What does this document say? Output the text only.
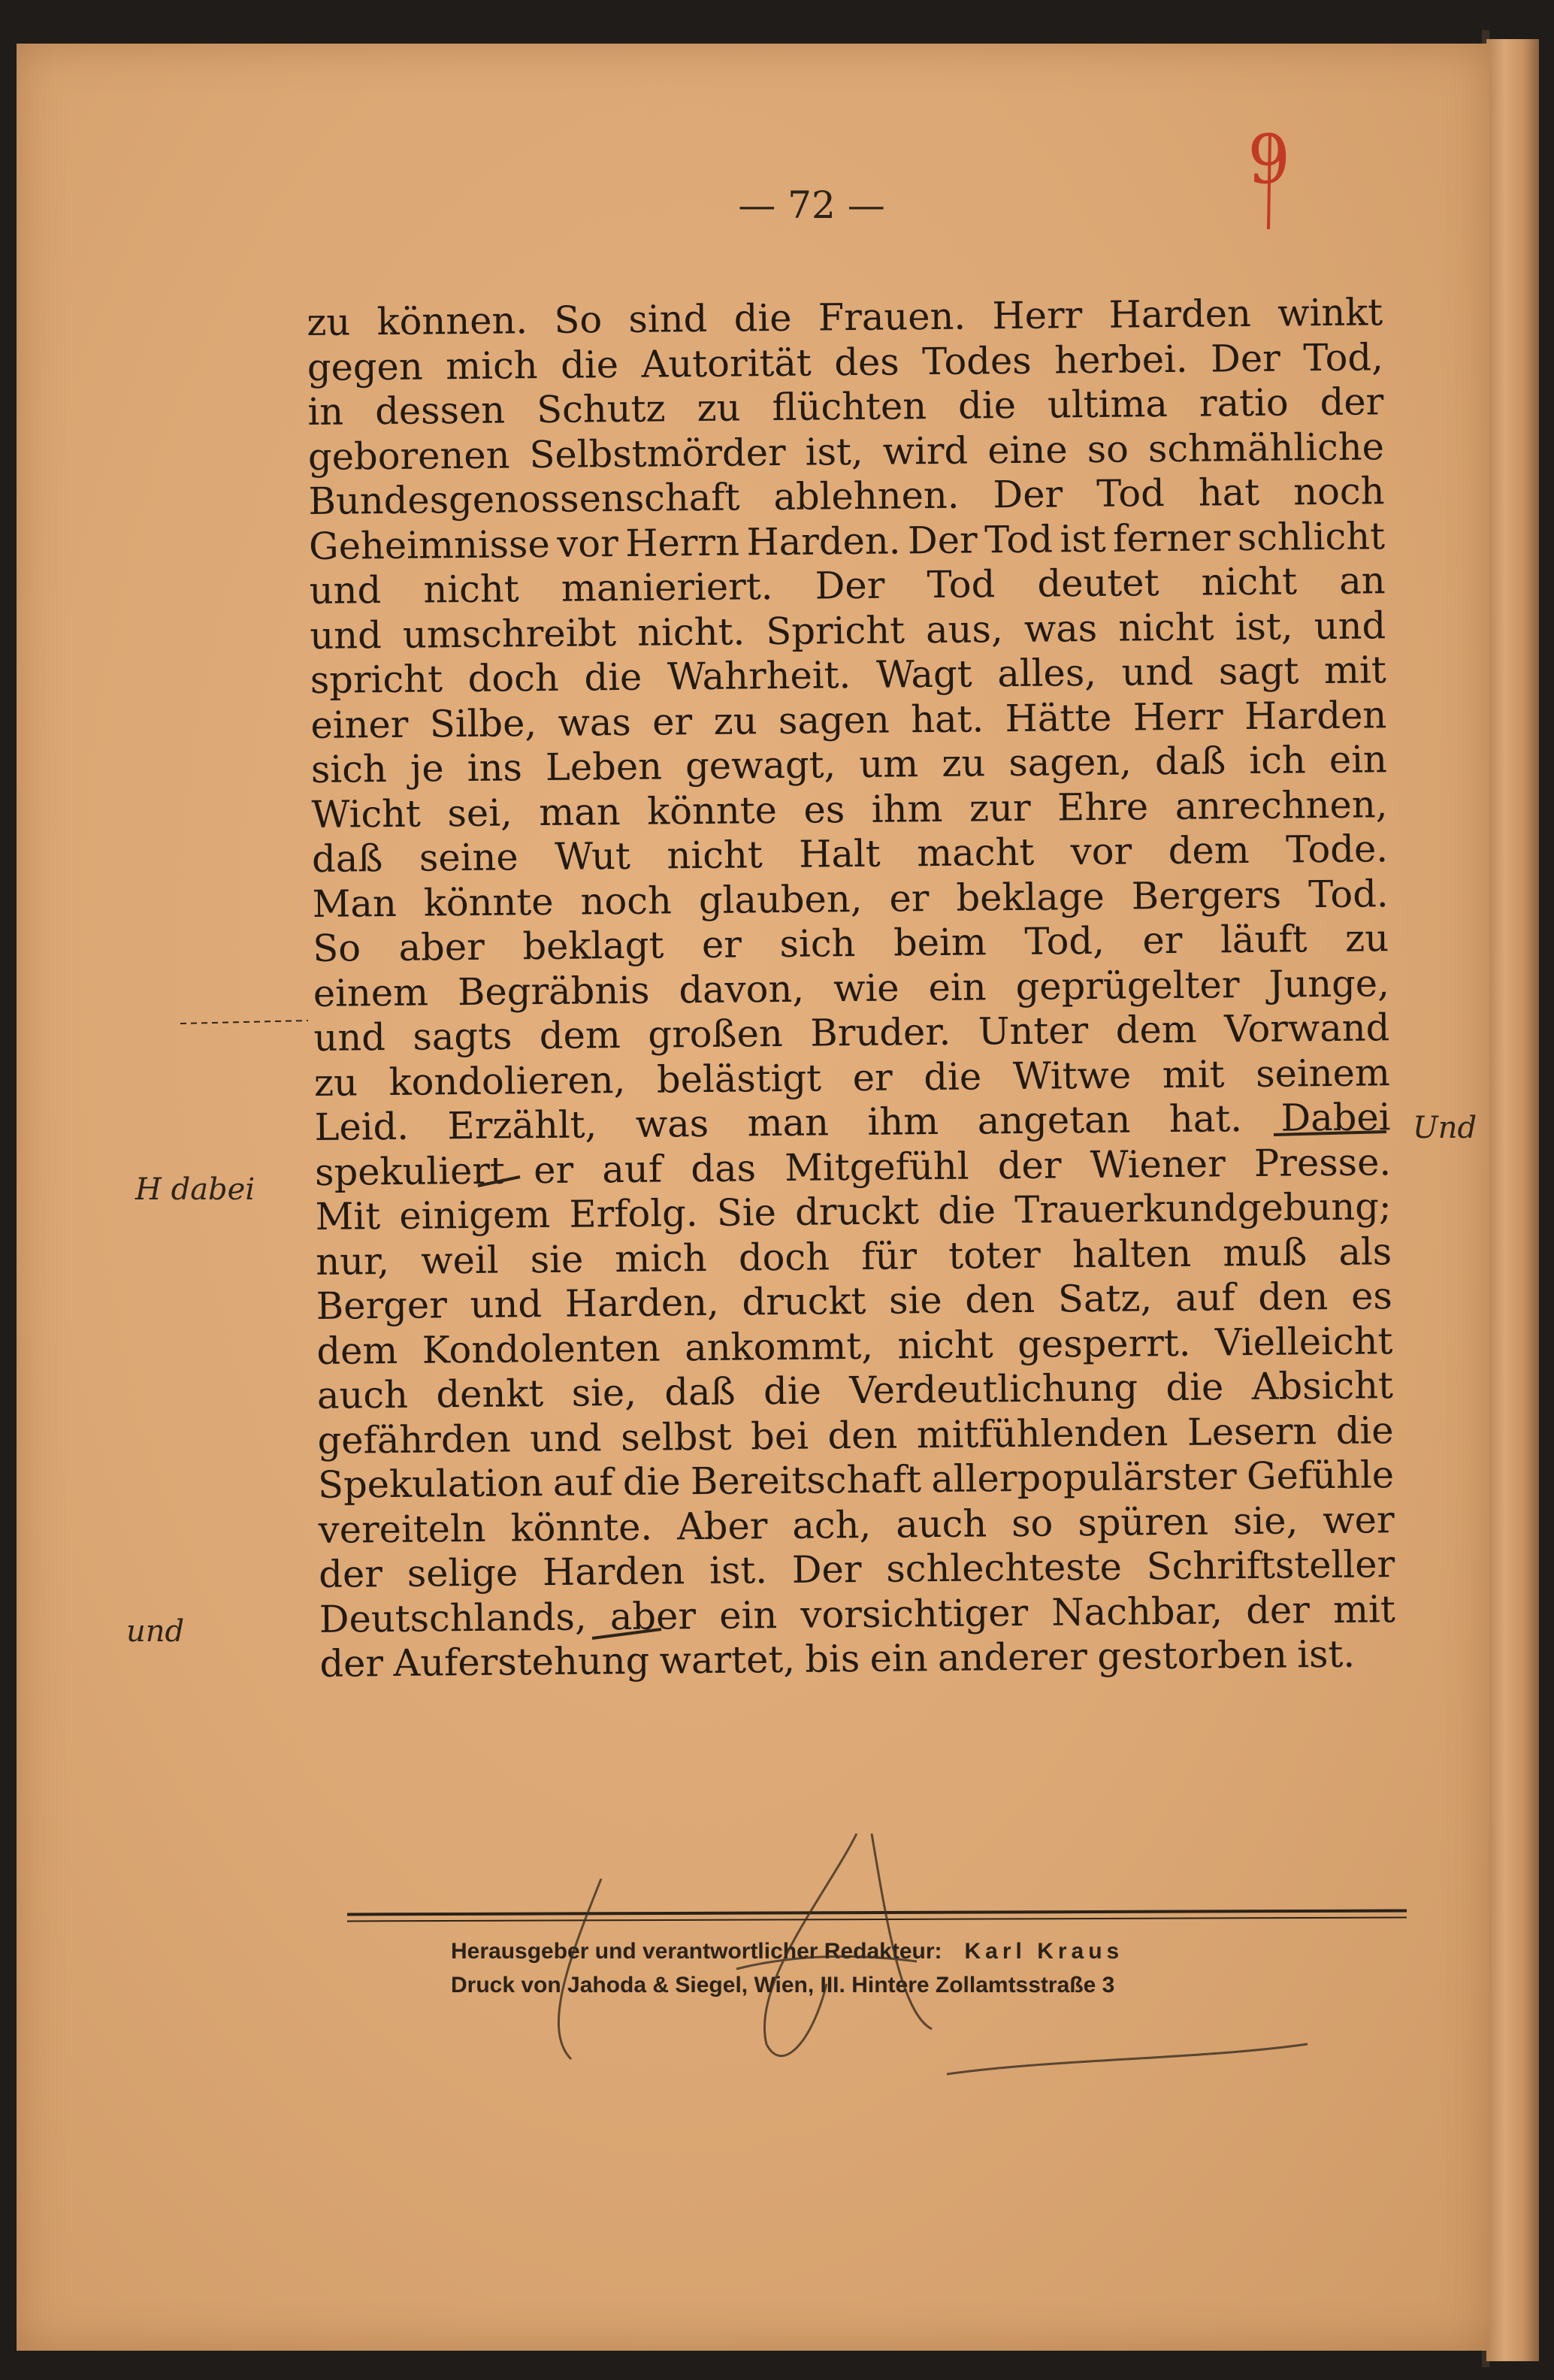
— 72 —
9
zu können. So sind die Frauen. Herr Harden winkt
gegen mich die Autorität des Todes herbei. Der Tod,
in dessen Schutz zu flüchten die ultima ratio der
geborenen Selbstmörder ist, wird eine so schmähliche
Bundesgenossenschaft ablehnen. Der Tod hat noch
Geheimnisse vor Herrn Harden. Der Tod ist ferner schlicht
und nicht manieriert. Der Tod deutet nicht an
und umschreibt nicht. Spricht aus, was nicht ist, und
spricht doch die Wahrheit. Wagt alles, und sagt mit
einer Silbe, was er zu sagen hat. Hätte Herr Harden
sich je ins Leben gewagt, um zu sagen, daß ich ein
Wicht sei, man könnte es ihm zur Ehre anrechnen,
daß seine Wut nicht Halt macht vor dem Tode.
Man könnte noch glauben, er beklage Bergers Tod.
So aber beklagt er sich beim Tod, er läuft zu
einem Begräbnis davon, wie ein geprügelter Junge,
und sagts dem großen Bruder. Unter dem Vorwand
zu kondolieren, belästigt er die Witwe mit seinem
Leid. Erzählt, was man ihm angetan hat. Dabei
spekuliert er auf das Mitgefühl der Wiener Presse.
Mit einigem Erfolg. Sie druckt die Trauerkundgebung;
nur, weil sie mich doch für toter halten muß als
Berger und Harden, druckt sie den Satz, auf den es
dem Kondolenten ankommt, nicht gesperrt. Vielleicht
auch denkt sie, daß die Verdeutlichung die Absicht
gefährden und selbst bei den mitfühlenden Lesern die
Spekulation auf die Bereitschaft allerpopulärster Gefühle
vereiteln könnte. Aber ach, auch so spüren sie, wer
der selige Harden ist. Der schlechteste Schriftsteller
Deutschlands, aber ein vorsichtiger Nachbar, der mit
der Auferstehung wartet, bis ein anderer gestorben ist.
Und
H dabei
und
Herausgeber und verantwortlicher Redakteur: Karl Kraus
Druck von Jahoda & Siegel, Wien, III. Hintere Zollamtsstraße 3
